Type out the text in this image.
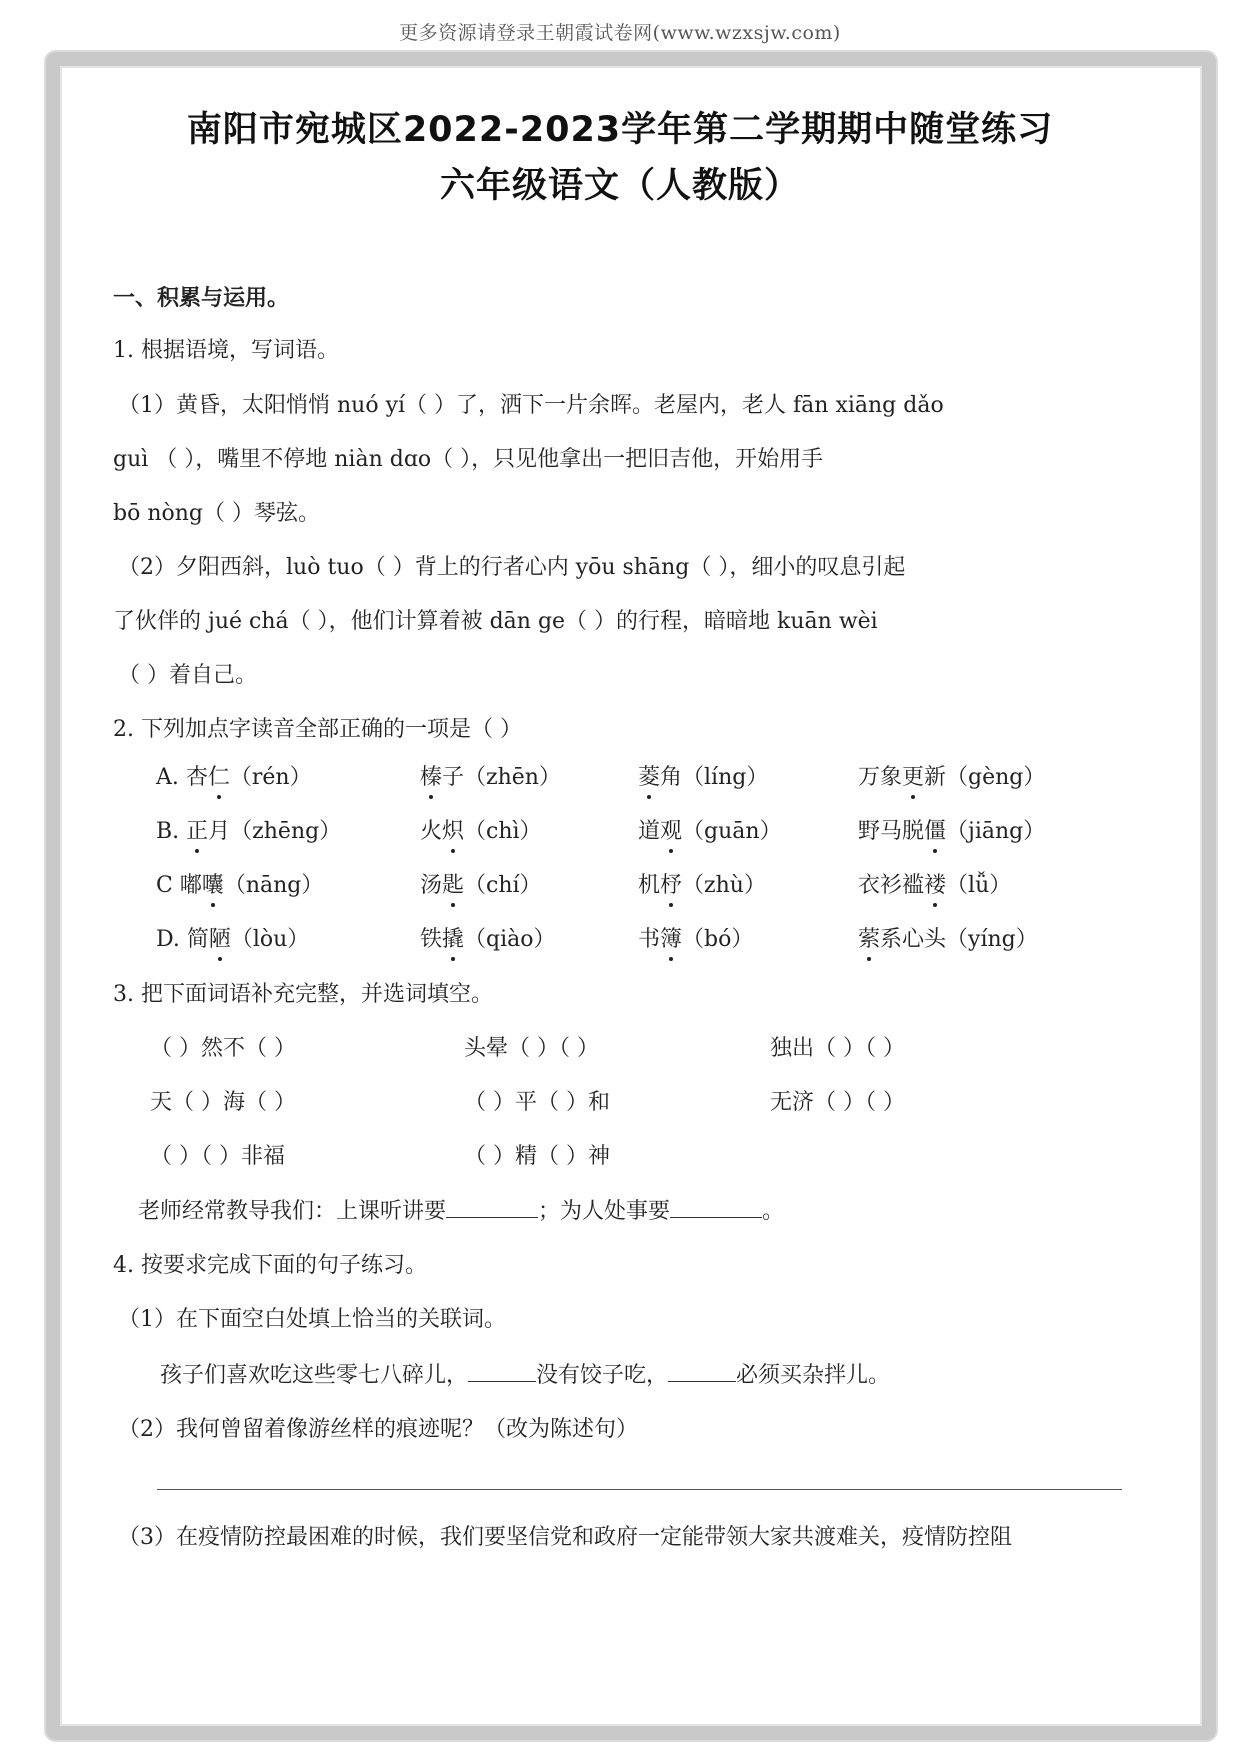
更多资源请登录王朝霞试卷网(www.wzxsjw.com)
南阳市宛城区2022-2023学年第二学期期中随堂练习
六年级语文（人教版）
一、积累与运用。
1. 根据语境，写词语。
（1）黄昏，太阳悄悄 nuó yí（ ）了，洒下一片余晖。老屋内，老人 fān xiāng dǎo
guì （ ），嘴里不停地 niàn dɑo（ ），只见他拿出一把旧吉他，开始用手
bō nòng（ ）琴弦。
（2）夕阳西斜，luò tuo（ ）背上的行者心内 yōu shāng（ ），细小的叹息引起
了伙伴的 jué chá（ ），他们计算着被 dān ge（ ）的行程，暗暗地 kuān wèi
（ ）着自己。
2. 下列加点字读音全部正确的一项是（ ）
A. 杏仁（rén）	榛子（zhēn）	菱角（líng）	万象更新（gèng）
B. 正月（zhēng）	火炽（chì）	道观（guān）	野马脱僵（jiāng）
C 嘟囔（nāng）	汤匙（chí）	机杼（zhù）	衣衫褴褛（lǚ）
D. 简陋（lòu）	铁撬（qiào）	书簿（bó）	萦系心头（yíng）
3. 把下面词语补充完整，并选词填空。
（ ）然不（ ）	头晕（ ）（ ）	独出（ ）（ ）
天（ ）海（ ）	（ ）平（ ）和	无济（ ）（ ）
（ ）（ ）非福	（ ）精（ ）神
老师经常教导我们：上课听讲要	；为人处事要	。
4. 按要求完成下面的句子练习。
（1）在下面空白处填上恰当的关联词。
孩子们喜欢吃这些零七八碎儿，	没有饺子吃，	必须买杂拌儿。
（2）我何曾留着像游丝样的痕迹呢？（改为陈述句）
（3）在疫情防控最困难的时候，我们要坚信党和政府一定能带领大家共渡难关，疫情防控阻
